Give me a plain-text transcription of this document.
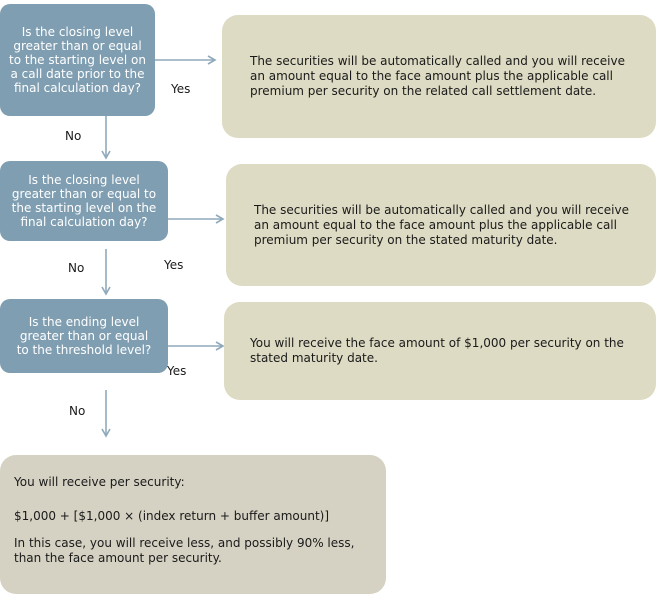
Is the closing level greater than or equal to the starting level on a call date prior to the final calculation day?
Is the closing level greater than or equal to the starting level on the final calculation day?
Is the ending level greater than or equal to the threshold level?
The securities will be automatically called and you will receive an amount equal to the face amount plus the applicable call premium per security on the related call settlement date.
The securities will be automatically called and you will receive an amount equal to the face amount plus the applicable call premium per security on the stated maturity date.
You will receive the face amount of $1,000 per security on the stated maturity date.

You will receive per security:

$1,000 + [$1,000 × (index return + buffer amount)]

In this case, you will receive less, and possibly 90% less, than the face amount per security.

Yes
No
Yes
No
Yes
No
